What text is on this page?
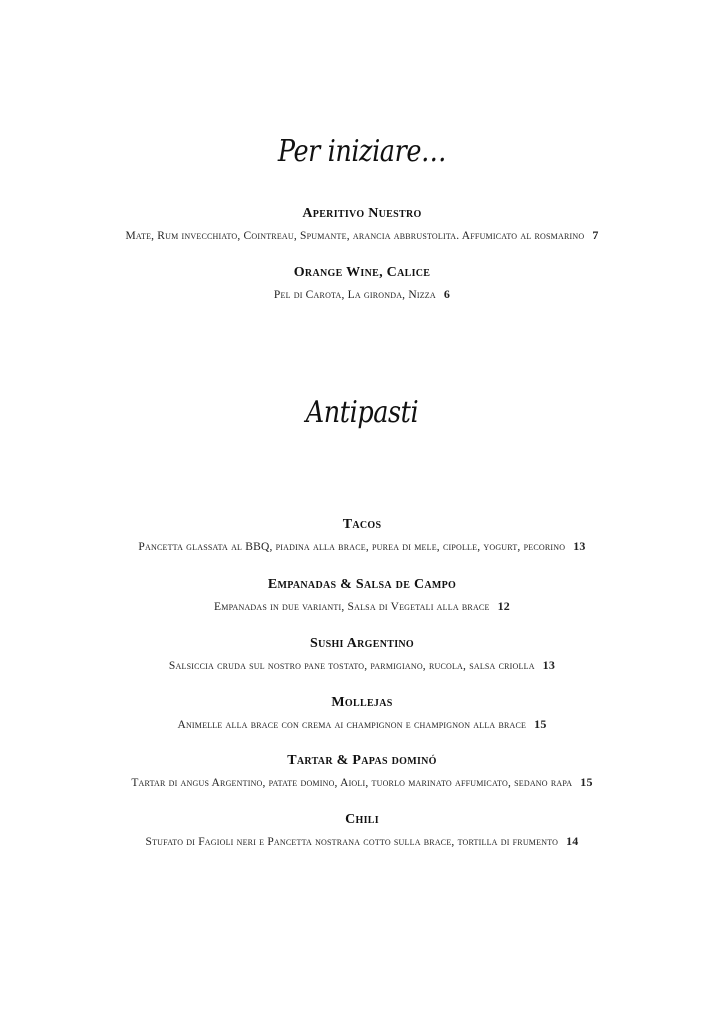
Per iniziare…
Aperitivo Nuestro
Mate, Rum invecchiato, Cointreau, Spumante, arancia abbrustolita. Affumicato al rosmarino 7
Orange Wine, Calice
Pel di Carota, La gironda, Nizza 6
Antipasti
Tacos
Pancetta glassata al BBQ, piadina alla brace, purea di mele, cipolle, yogurt, pecorino 13
Empanadas & Salsa de Campo
Empanadas in due varianti, Salsa di Vegetali alla brace 12
Sushi Argentino
Salsiccia cruda sul nostro pane tostato, parmigiano, rucola, salsa criolla 13
Mollejas
Animelle alla brace con crema ai champignon e champignon alla brace 15
Tartar & Papas dominó
Tartar di angus Argentino, patate domino, Aioli, tuorlo marinato affumicato, sedano rapa 15
Chili
Stufato di Fagioli neri e Pancetta nostrana cotto sulla brace, tortilla di frumento 14
